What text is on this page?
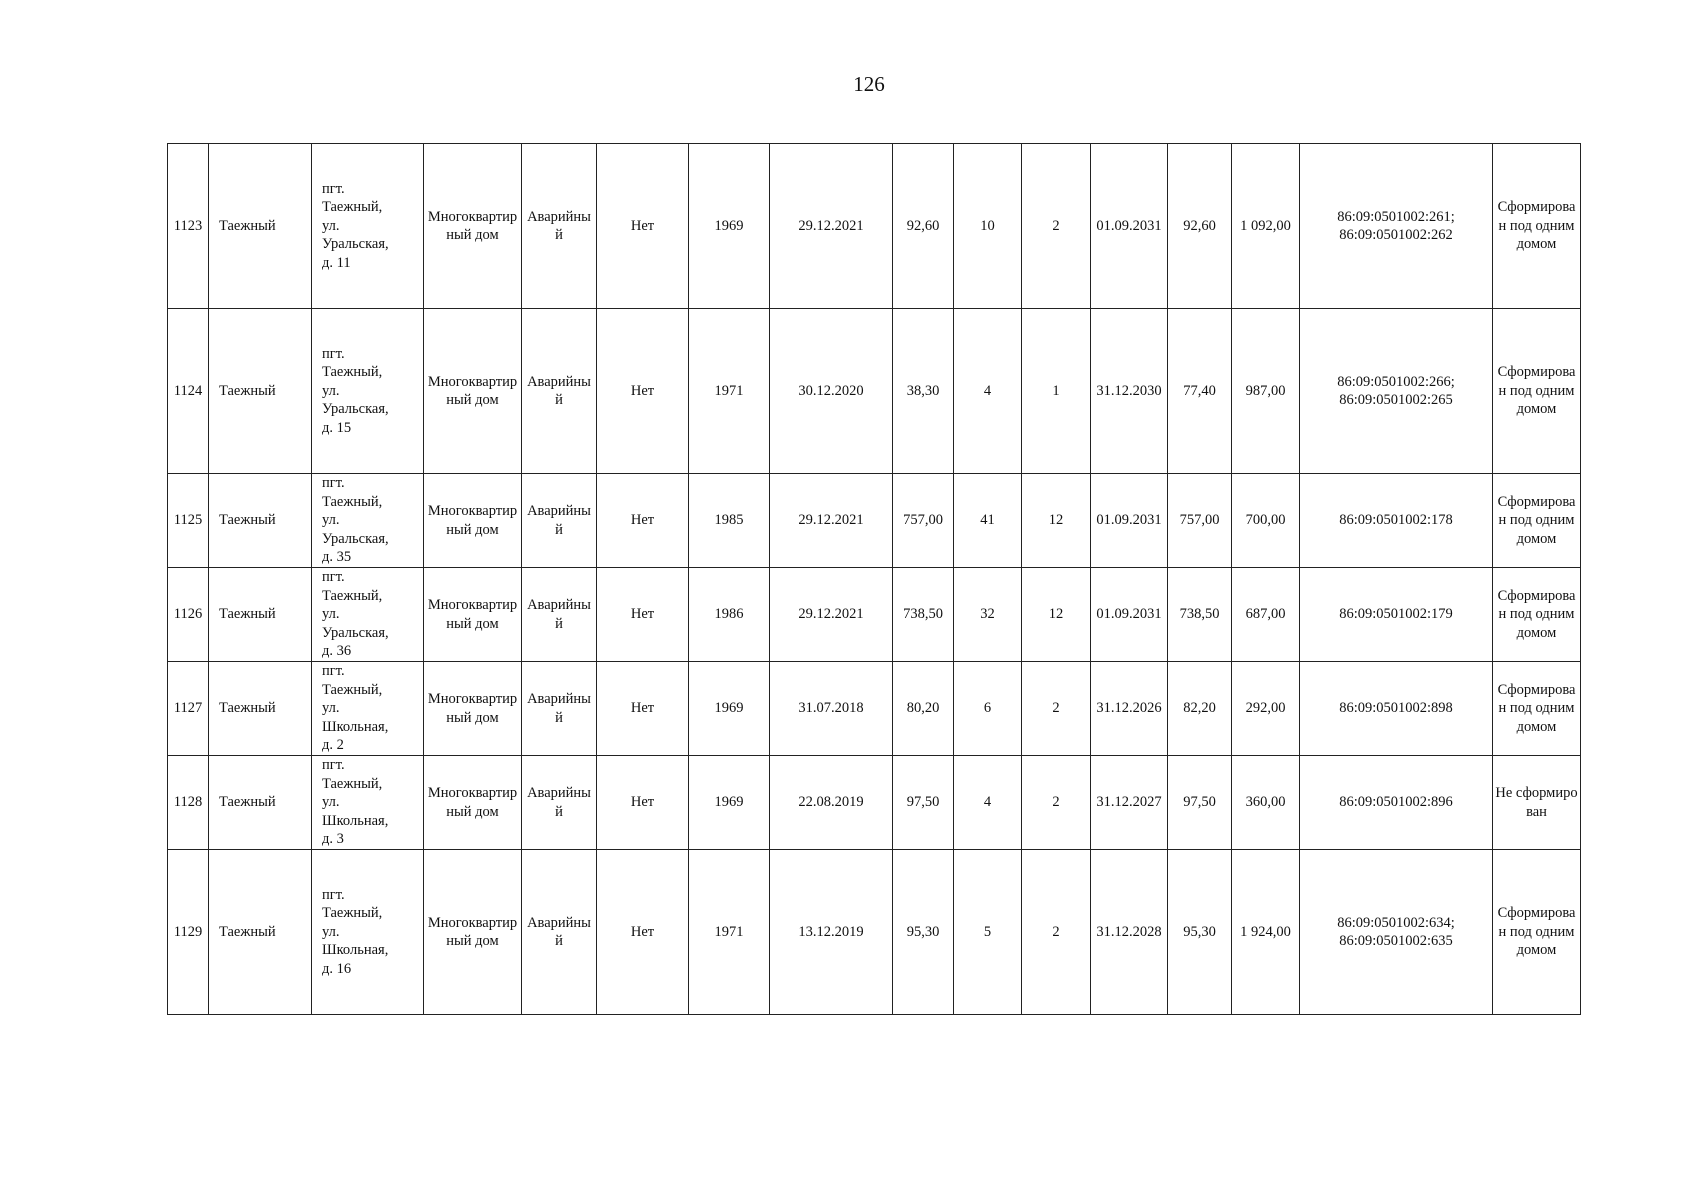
126
1123	Таежный	пгт.
Таежный,
ул.
Уральская,
д. 11	Многоквартирный дом	Аварийный	Нет	1969	29.12.2021	92,60	10	2	01.09.2031	92,60	1 092,00	86:09:0501002:261;
86:09:0501002:262	Сформирован под одним домом
1124	Таежный	пгт.
Таежный,
ул.
Уральская,
д. 15	Многоквартирный дом	Аварийный	Нет	1971	30.12.2020	38,30	4	1	31.12.2030	77,40	987,00	86:09:0501002:266;
86:09:0501002:265	Сформирован под одним домом
1125	Таежный	пгт.
Таежный,
ул.
Уральская,
д. 35	Многоквартирный дом	Аварийный	Нет	1985	29.12.2021	757,00	41	12	01.09.2031	757,00	700,00	86:09:0501002:178	Сформирован под одним домом
1126	Таежный	пгт.
Таежный,
ул.
Уральская,
д. 36	Многоквартирный дом	Аварийный	Нет	1986	29.12.2021	738,50	32	12	01.09.2031	738,50	687,00	86:09:0501002:179	Сформирован под одним домом
1127	Таежный	пгт.
Таежный,
ул.
Школьная,
д. 2	Многоквартирный дом	Аварийный	Нет	1969	31.07.2018	80,20	6	2	31.12.2026	82,20	292,00	86:09:0501002:898	Сформирован под одним домом
1128	Таежный	пгт.
Таежный,
ул.
Школьная,
д. 3	Многоквартирный дом	Аварийный	Нет	1969	22.08.2019	97,50	4	2	31.12.2027	97,50	360,00	86:09:0501002:896	Не сформирован
1129	Таежный	пгт.
Таежный,
ул.
Школьная,
д. 16	Многоквартирный дом	Аварийный	Нет	1971	13.12.2019	95,30	5	2	31.12.2028	95,30	1 924,00	86:09:0501002:634;
86:09:0501002:635	Сформирован под одним домом
